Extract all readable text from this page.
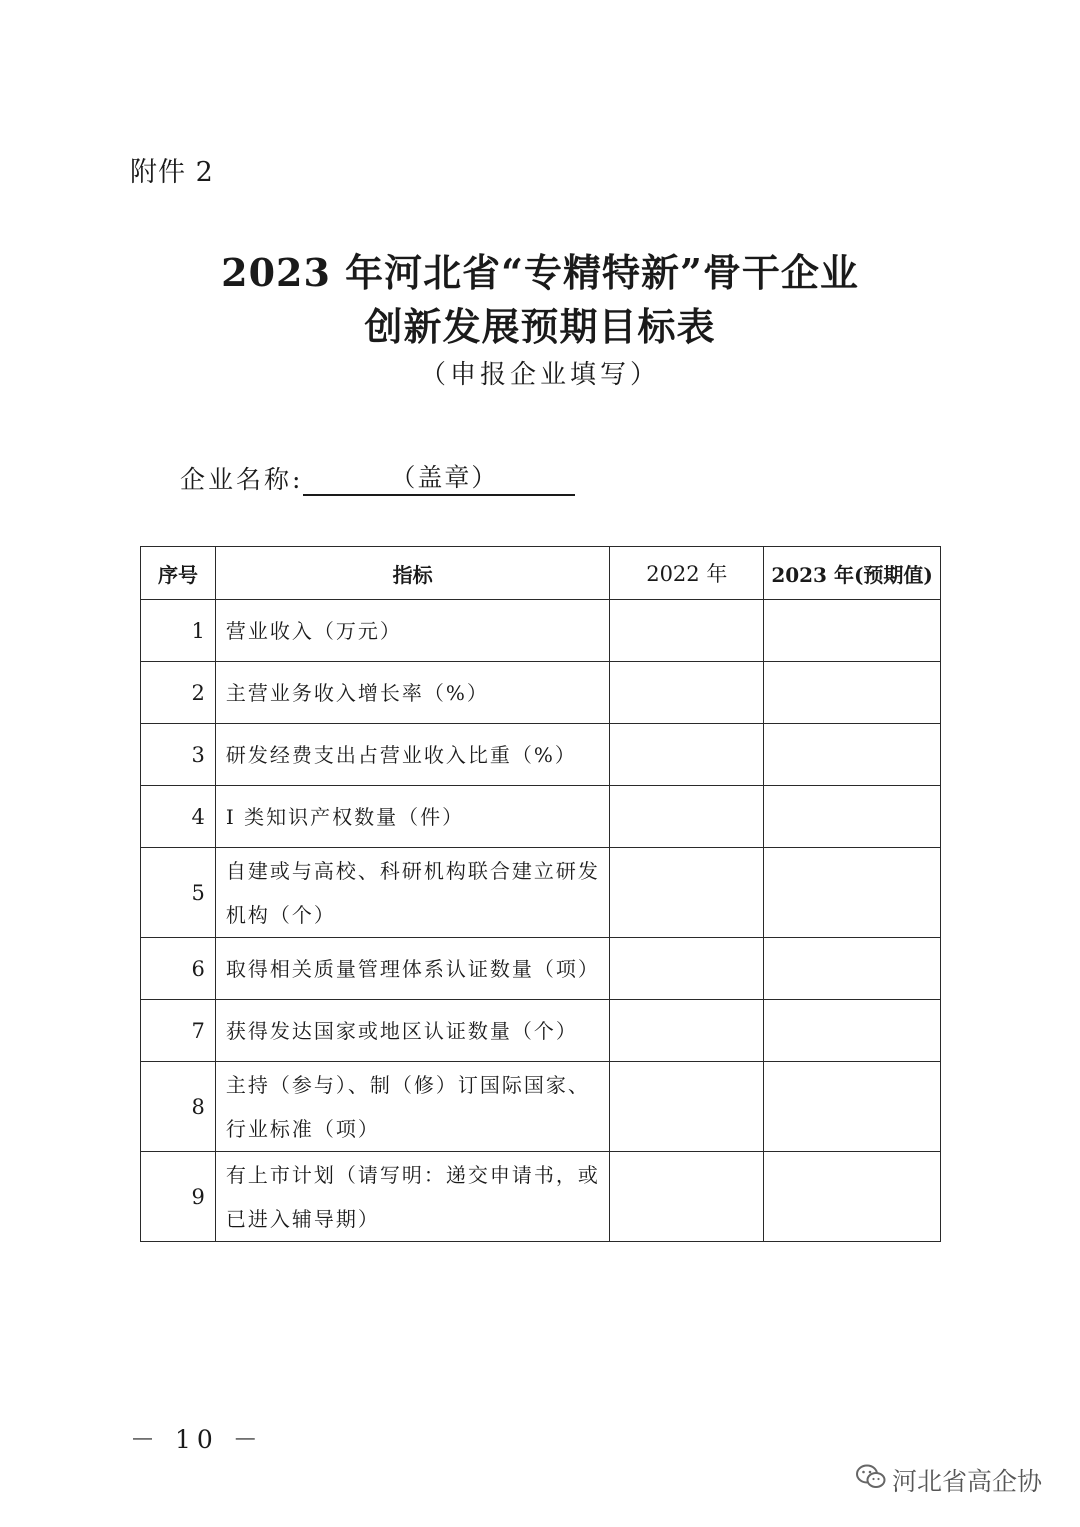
附件 2
2023 年河北省“专精特新”骨干企业
创新发展预期目标表
（申报企业填写）
企业名称:	（盖章）
序号	指标	2022 年	2023 年(预期值)
1	营业收入（万元）		
2	主营业务收入增长率（%）		
3	研发经费支出占营业收入比重（%）		
4	I 类知识产权数量（件）		
5	自建或与高校、科研机构联合建立研发机构（个）		
6	取得相关质量管理体系认证数量（项）		
7	获得发达国家或地区认证数量（个）		
8	主持（参与）、制（修）订国际国家、行业标准（项）		
9	有上市计划（请写明：递交申请书，或已进入辅导期）		
－ 10 －
河北省高企协
